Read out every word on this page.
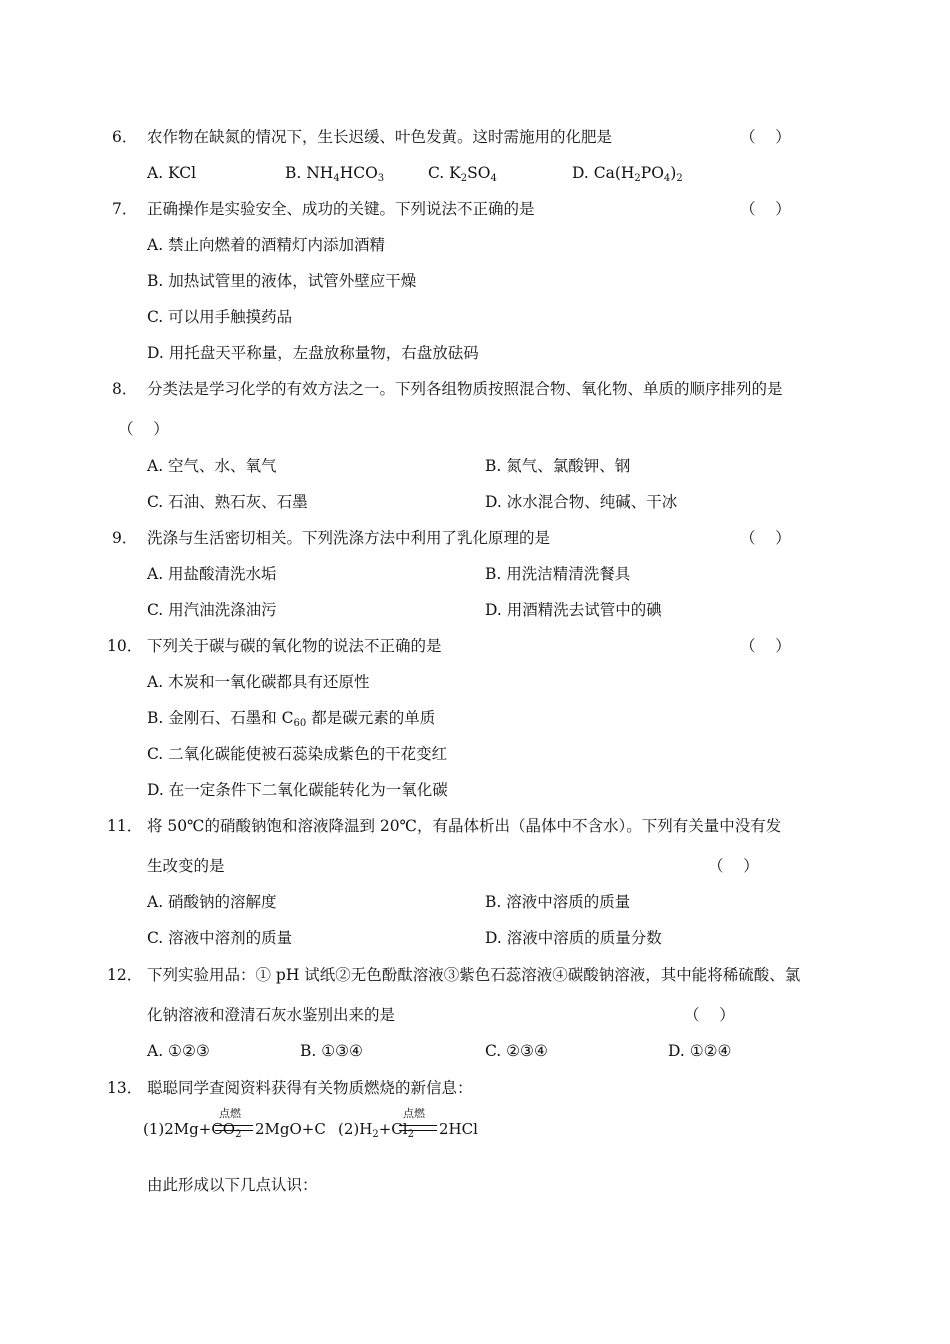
6． 农作物在缺氮的情况下，生长迟缓、叶色发黄。这时需施用的化肥是	（    ）
A. KCl	B. $NH_4HCO_3$	C. $K_2SO_4$	D. $Ca(H_2PO_4)_2$
7． 正确操作是实验安全、成功的关键。下列说法不正确的是	（    ）
A. 禁止向燃着的酒精灯内添加酒精
B. 加热试管里的液体，试管外壁应干燥
C. 可以用手触摸药品
D. 用托盘天平称量，左盘放称量物，右盘放砝码
8． 分类法是学习化学的有效方法之一。下列各组物质按照混合物、氧化物、单质的顺序排列的是
（    ）
A. 空气、水、氧气	B. 氮气、氯酸钾、钢
C. 石油、熟石灰、石墨	D. 冰水混合物、纯碱、干冰
9． 洗涤与生活密切相关。下列洗涤方法中利用了乳化原理的是	（    ）
A. 用盐酸清洗水垢	B. 用洗洁精清洗餐具
C. 用汽油洗涤油污	D. 用酒精洗去试管中的碘
10． 下列关于碳与碳的氧化物的说法不正确的是	（    ）
A. 木炭和一氧化碳都具有还原性
B. 金刚石、石墨和 $C_{60}$ 都是碳元素的单质
C. 二氧化碳能使被石蕊染成紫色的干花变红
D. 在一定条件下二氧化碳能转化为一氧化碳
11． 将 50℃的硝酸钠饱和溶液降温到 20℃，有晶体析出（晶体中不含水）。下列有关量中没有发
生改变的是	（    ）
A. 硝酸钠的溶解度	B. 溶液中溶质的质量
C. 溶液中溶剂的质量	D. 溶液中溶质的质量分数
12． 下列实验用品：① pH 试纸②无色酚酞溶液③紫色石蕊溶液④碳酸钠溶液，其中能将稀硫酸、氯
化钠溶液和澄清石灰水鉴别出来的是	（    ）
A. ①②③	B. ①③④	C. ②③④	D. ①②④
13． 聪聪同学查阅资料获得有关物质燃烧的新信息：
$(1)2Mg+CO_2$
点燃
2MgO+C $(2)H_2+Cl_2$
点燃
2HCl
由此形成以下几点认识：
